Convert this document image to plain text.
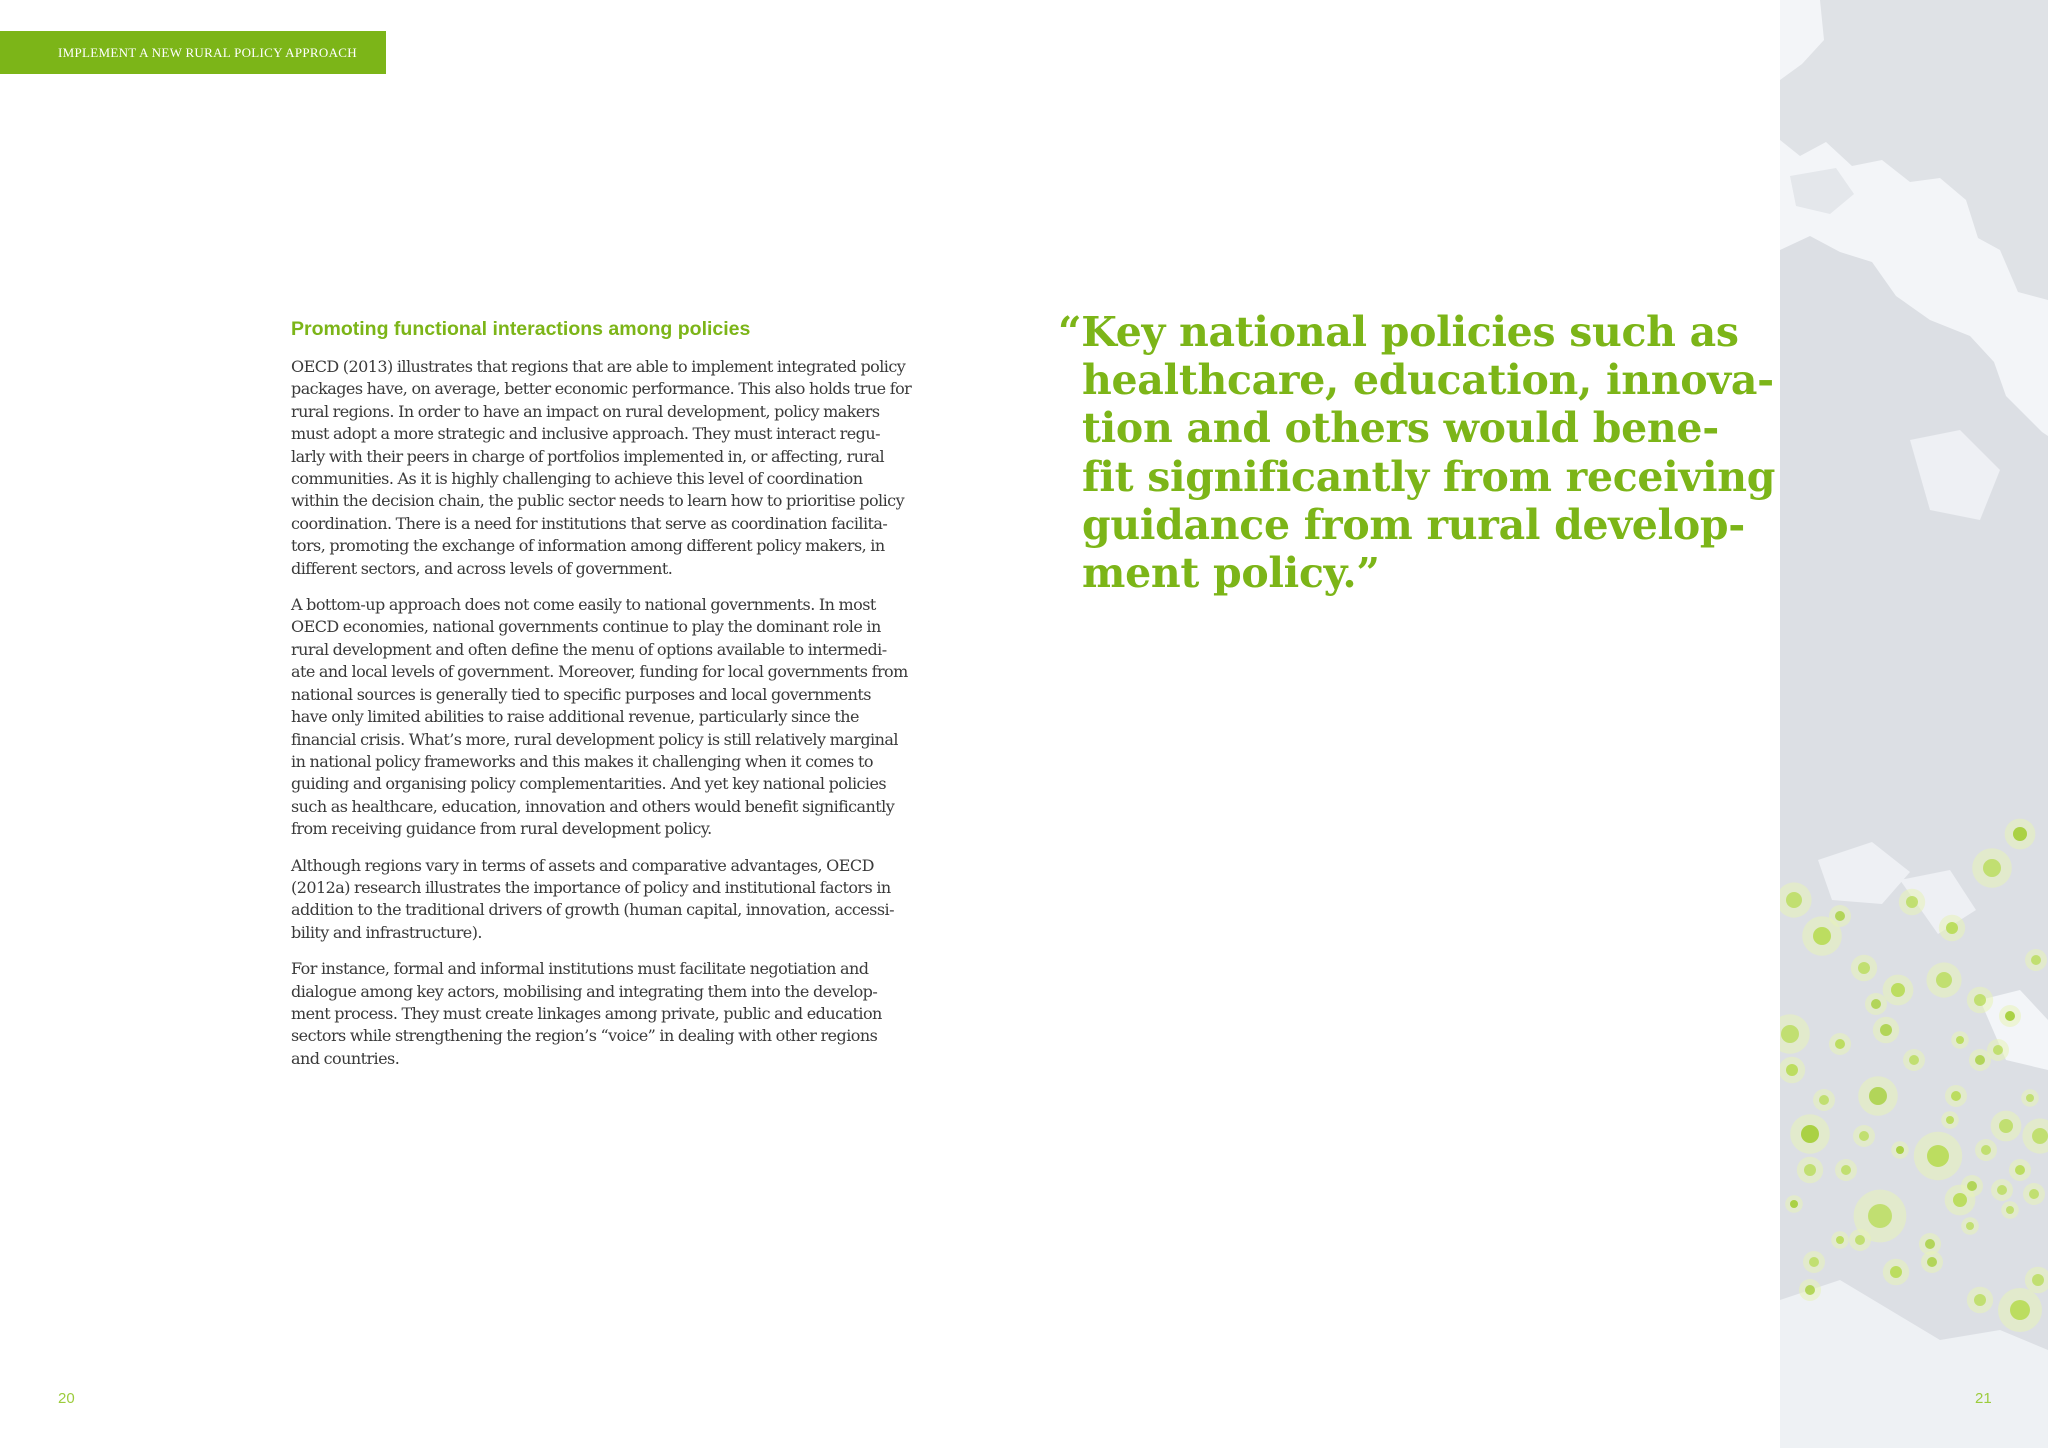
IMPLEMENT A NEW RURAL POLICY APPROACH
Promoting functional interactions among policies

OECD (2013) illustrates that regions that are able to implement integrated policy
packages have, on average, better economic performance. This also holds true for
rural regions. In order to have an impact on rural development, policy makers
must adopt a more strategic and inclusive approach. They must interact regu-
larly with their peers in charge of portfolios implemented in, or affecting, rural
communities. As it is highly challenging to achieve this level of coordination
within the decision chain, the public sector needs to learn how to prioritise policy
coordination. There is a need for institutions that serve as coordination facilita-
tors, promoting the exchange of information among different policy makers, in
different sectors, and across levels of government.

A bottom-up approach does not come easily to national governments. In most
OECD economies, national governments continue to play the dominant role in
rural development and often define the menu of options available to intermedi-
ate and local levels of government. Moreover, funding for local governments from
national sources is generally tied to specific purposes and local governments
have only limited abilities to raise additional revenue, particularly since the
financial crisis. What’s more, rural development policy is still relatively marginal
in national policy frameworks and this makes it challenging when it comes to
guiding and organising policy complementarities. And yet key national policies
such as healthcare, education, innovation and others would benefit significantly
from receiving guidance from rural development policy.

Although regions vary in terms of assets and comparative advantages, OECD
(2012a) research illustrates the importance of policy and institutional factors in
addition to the traditional drivers of growth (human capital, innovation, accessi-
bility and infrastructure).

For instance, formal and informal institutions must facilitate negotiation and
dialogue among key actors, mobilising and integrating them into the develop-
ment process. They must create linkages among private, public and education
sectors while strengthening the region’s “voice” in dealing with other regions
and countries.

“Key national policies such as
healthcare, education, innova-
tion and others would bene-
fit significantly from receiving
guidance from rural develop-
ment policy.”
20	21
